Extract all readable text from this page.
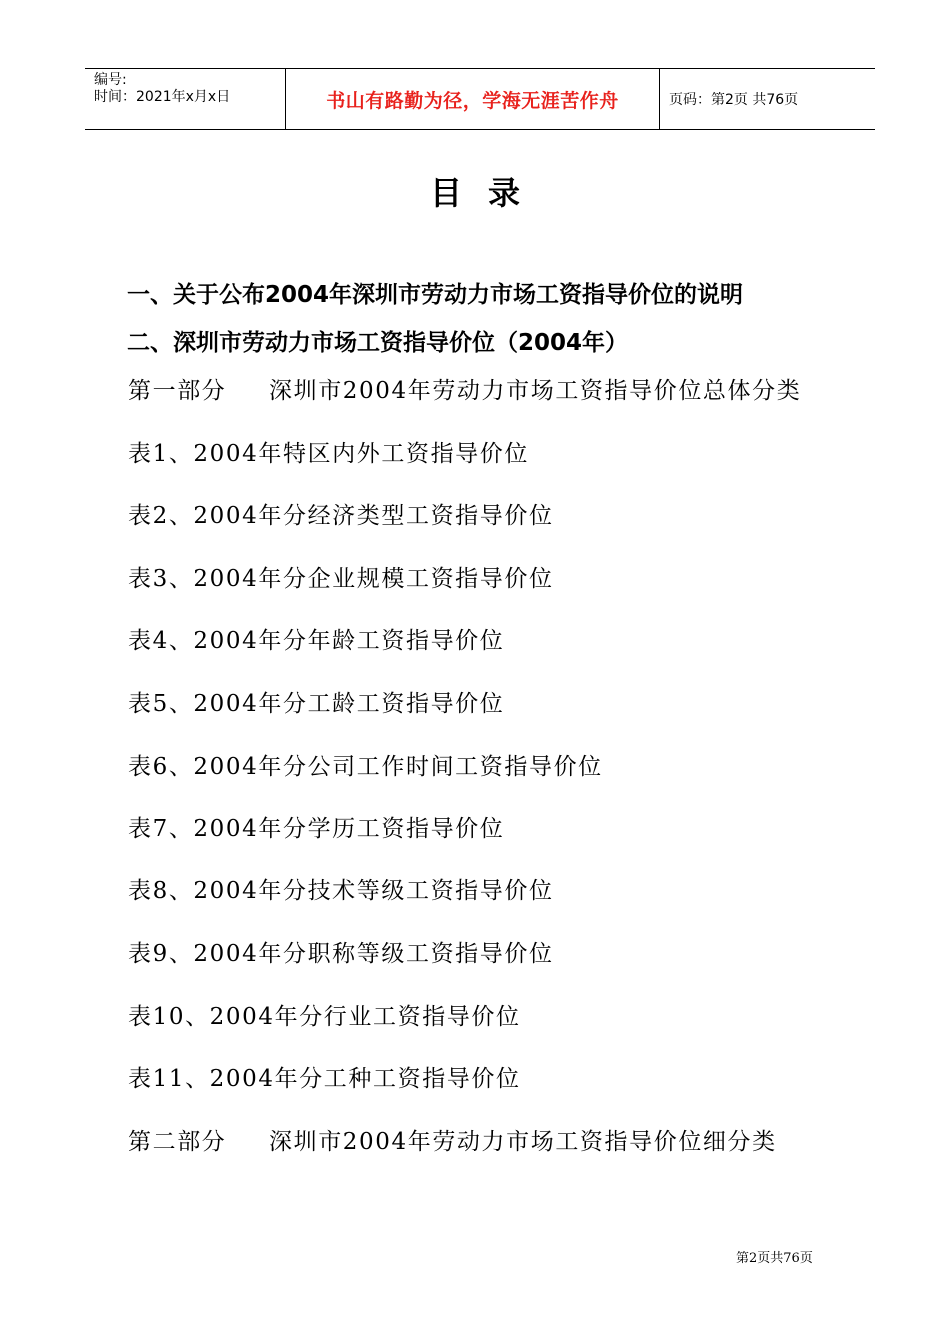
编号:
时间：2021年x月x日	书山有路勤为径，学海无涯苦作舟	页码：第2页 共76页
目录
一、关于公布2004年深圳市劳动力市场工资指导价位的说明
二、深圳市劳动力市场工资指导价位（2004年）
第一部分 深圳市2004年劳动力市场工资指导价位总体分类
表1、2004年特区内外工资指导价位
表2、2004年分经济类型工资指导价位
表3、2004年分企业规模工资指导价位
表4、2004年分年龄工资指导价位
表5、2004年分工龄工资指导价位
表6、2004年分公司工作时间工资指导价位
表7、2004年分学历工资指导价位
表8、2004年分技术等级工资指导价位
表9、2004年分职称等级工资指导价位
表10、2004年分行业工资指导价位
表11、2004年分工种工资指导价位
第二部分 深圳市2004年劳动力市场工资指导价位细分类
第2页共76页
